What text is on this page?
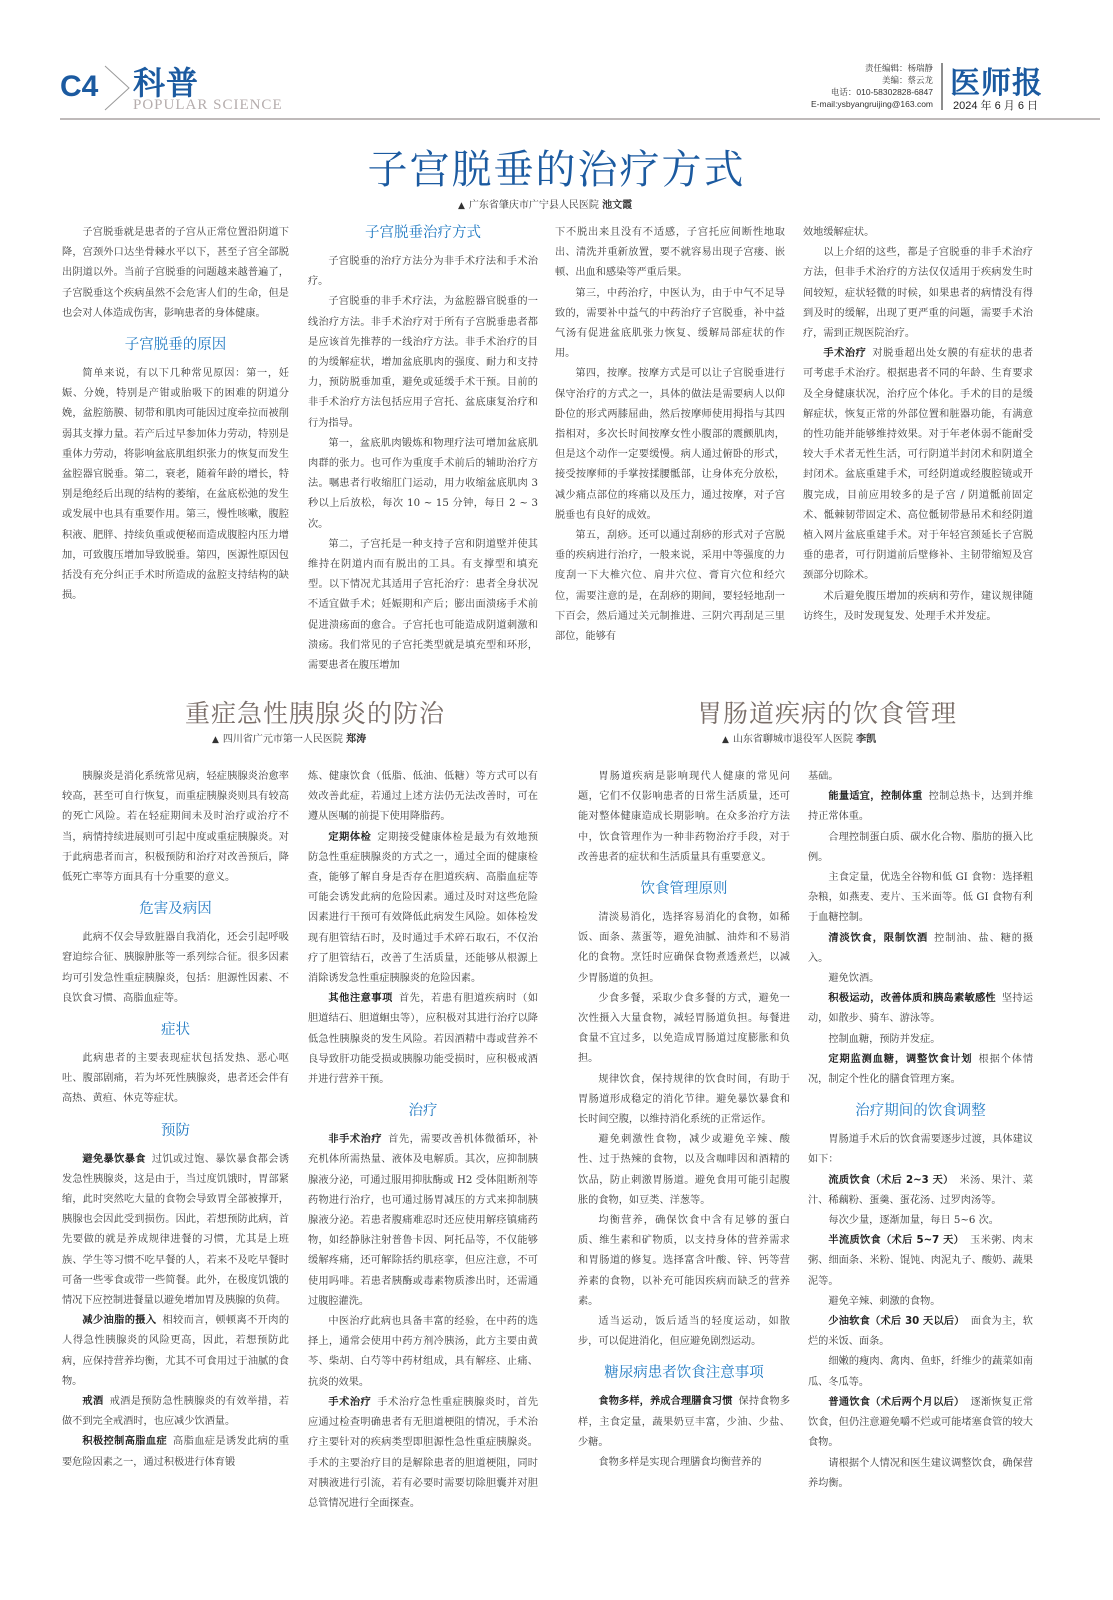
C4 科普
POPULAR SCIENCE
责任编辑：杨瑞静
美编：蔡云龙
电话：010-58302828-6847
E-mail:ysbyangruijing@163.com
医师报
2024 年 6 月 6 日
子宫脱垂的治疗方式
▲ 广东省肇庆市广宁县人民医院 池文霞

子宫脱垂就是患者的子宫从正常位置沿阴道下降，宫颈外口达坐骨棘水平以下，甚至子宫全部脱出阴道以外。当前子宫脱垂的问题越来越普遍了，子宫脱垂这个疾病虽然不会危害人们的生命，但是也会对人体造成伤害，影响患者的身体健康。

子宫脱垂的原因

简单来说，有以下几种常见原因：第一，妊娠、分娩，特别是产钳或胎吸下的困难的阴道分娩，盆腔筋膜、韧带和肌肉可能因过度牵拉而被削弱其支撑力量。若产后过早参加体力劳动，特别是重体力劳动，将影响盆底肌组织张力的恢复而发生盆腔器官脱垂。第二，衰老，随着年龄的增长，特别是绝经后出现的结构的萎缩，在盆底松弛的发生或发展中也具有重要作用。第三，慢性咳嗽，腹腔积液、肥胖、持续负重或便秘而造成腹腔内压力增加，可致腹压增加导致脱垂。第四，医源性原因包括没有充分纠正手术时所造成的盆腔支持结构的缺损。

子宫脱垂治疗方式

子宫脱垂的治疗方法分为非手术疗法和手术治疗。

子宫脱垂的非手术疗法，为盆腔器官脱垂的一线治疗方法。非手术治疗对于所有子宫脱垂患者都是应该首先推荐的一线治疗方法。非手术治疗的目的为缓解症状，增加盆底肌肉的强度、耐力和支持力，预防脱垂加重，避免或延缓手术干预。目前的非手术治疗方法包括应用子宫托、盆底康复治疗和行为指导。

第一，盆底肌肉锻炼和物理疗法可增加盆底肌肉群的张力。也可作为重度手术前后的辅助治疗方法。嘱患者行收缩肛门运动，用力收缩盆底肌肉 3 秒以上后放松，每次 10 ~ 15 分钟，每日 2 ~ 3 次。

第二，子宫托是一种支持子宫和阴道壁并使其维持在阴道内而有脱出的工具。有支撑型和填充型。以下情况尤其适用子宫托治疗：患者全身状况不适宜做手术；妊娠期和产后；膨出面溃疡手术前促进溃疡面的愈合。子宫托也可能造成阴道刺激和溃疡。我们常见的子宫托类型就是填充型和环形，需要患者在腹压增加

下不脱出来且没有不适感，子宫托应间断性地取出、清洗并重新放置，要不就容易出现子宫瘘、嵌顿、出血和感染等严重后果。

第三，中药治疗，中医认为，由于中气不足导致的，需要补中益气的中药治疗子宫脱垂，补中益气汤有促进盆底肌张力恢复、缓解局部症状的作用。

第四，按摩。按摩方式是可以让子宫脱垂进行保守治疗的方式之一，具体的做法是需要病人以仰卧位的形式两膝屈曲，然后按摩师使用拇指与其四指相对，多次长时间按摩女性小腹部的震颤肌肉，但是这个动作一定要缓慢。病人通过俯卧的形式，接受按摩师的手掌按揉腰骶部，让身体充分放松，减少痛点部位的疼痛以及压力，通过按摩，对子宫脱垂也有良好的成效。

第五，刮痧。还可以通过刮痧的形式对子宫脱垂的疾病进行治疗，一般来说，采用中等强度的力度刮一下大椎穴位、肩井穴位、膏肓穴位和经穴位，需要注意的是，在刮痧的期间，要轻轻地刮一下百会，然后通过关元制推进、三阴穴再刮足三里部位，能够有

效地缓解症状。

以上介绍的这些，都是子宫脱垂的非手术治疗方法，但非手术治疗的方法仅仅适用于疾病发生时间较短，症状轻微的时候，如果患者的病情没有得到及时的缓解，出现了更严重的问题，需要手术治疗，需到正规医院治疗。

手术治疗 对脱垂超出处女膜的有症状的患者可考虑手术治疗。根据患者不同的年龄、生育要求及全身健康状况，治疗应个体化。手术的目的是缓解症状，恢复正常的外部位置和脏器功能，有满意的性功能并能够维持效果。对于年老体弱不能耐受较大手术者无性生活，可行阴道半封闭术和阴道全封闭术。盆底重建手术，可经阴道或经腹腔镜或开腹完成，目前应用较多的是子宫 / 阴道骶前固定术、骶棘韧带固定术、高位骶韧带悬吊术和经阴道植入网片盆底重建手术。对于年轻宫颈延长子宫脱垂的患者，可行阴道前后壁修补、主韧带缩短及宫颈部分切除术。

术后避免腹压增加的疾病和劳作，建议规律随访终生，及时发现复发、处理手术并发症。

重症急性胰腺炎的防治
▲ 四川省广元市第一人民医院 郑涛

胰腺炎是消化系统常见病，轻症胰腺炎治愈率较高，甚至可自行恢复，而重症胰腺炎则具有较高的死亡风险。若在轻症期间未及时治疗或治疗不当，病情持续进展则可引起中度或重症胰腺炎。对于此病患者而言，积极预防和治疗对改善预后，降低死亡率等方面具有十分重要的意义。

危害及病因

此病不仅会导致脏器自我消化，还会引起呼吸窘迫综合征、胰腺肿胀等一系列综合征。很多因素均可引发急性重症胰腺炎，包括：胆源性因素、不良饮食习惯、高脂血症等。

症状

此病患者的主要表现症状包括发热、恶心呕吐、腹部剧痛，若为坏死性胰腺炎，患者还会伴有高热、黄疸、休克等症状。

预防

避免暴饮暴食 过饥或过饱、暴饮暴食都会诱发急性胰腺炎，这是由于，当过度饥饿时，胃部紧缩，此时突然吃大量的食物会导致胃全部被撑开，胰腺也会因此受到损伤。因此，若想预防此病，首先要做的就是养成规律进餐的习惯，尤其是上班族、学生等习惯不吃早餐的人，若来不及吃早餐时可备一些零食或带一些简餐。此外，在极度饥饿的情况下应控制进餐量以避免增加胃及胰腺的负荷。

减少油脂的摄入 相较而言，顿顿离不开肉的人得急性胰腺炎的风险更高，因此，若想预防此病，应保持营养均衡，尤其不可食用过于油腻的食物。

戒酒 戒酒是预防急性胰腺炎的有效举措，若做不到完全戒酒时，也应减少饮酒量。

积极控制高脂血症 高脂血症是诱发此病的重要危险因素之一，通过积极进行体育锻

炼、健康饮食（低脂、低油、低糖）等方式可以有效改善此症，若通过上述方法仍无法改善时，可在遵从医嘱的前提下使用降脂药。

定期体检 定期接受健康体检是最为有效地预防急性重症胰腺炎的方式之一，通过全面的健康检查，能够了解自身是否存在胆道疾病、高脂血症等可能会诱发此病的危险因素。通过及时对这些危险因素进行干预可有效降低此病发生风险。如体检发现有胆管结石时，及时通过手术碎石取石，不仅治疗了胆管结石，改善了生活质量，还能够从根源上消除诱发急性重症胰腺炎的危险因素。

其他注意事项 首先，若患有胆道疾病时（如胆道结石、胆道蛔虫等），应积极对其进行治疗以降低急性胰腺炎的发生风险。若因酒精中毒或营养不良导致肝功能受损或胰腺功能受损时，应积极戒酒并进行营养干预。

治疗

非手术治疗 首先，需要改善机体微循环，补充机体所需热量、液体及电解质。其次，应抑制胰腺液分泌，可通过服用抑肽酶或 H2 受体阻断剂等药物进行治疗，也可通过肠胃减压的方式来抑制胰腺液分泌。若患者腹痛难忍时还应使用解痉镇痛药物，如经静脉注射普鲁卡因、阿托品等，不仅能够缓解疼痛，还可解除括约肌痉挛，但应注意，不可使用吗啡。若患者胰酶或毒素物质渗出时，还需通过腹腔灌洗。

中医治疗此病也具备丰富的经验，在中药的选择上，通常会使用中药方剂冷胰汤，此方主要由黄芩、柴胡、白芍等中药材组成，具有解痉、止痛、抗炎的效果。

手术治疗 手术治疗急性重症胰腺炎时，首先应通过检查明确患者有无胆道梗阻的情况，手术治疗主要针对的疾病类型即胆源性急性重症胰腺炎。手术的主要治疗目的是解除患者的胆道梗阻，同时对胰液进行引流，若有必要时需要切除胆囊并对胆总管情况进行全面探查。

胃肠道疾病的饮食管理
▲ 山东省聊城市退役军人医院 李凯

胃肠道疾病是影响现代人健康的常见问题，它们不仅影响患者的日常生活质量，还可能对整体健康造成长期影响。在众多治疗方法中，饮食管理作为一种非药物治疗手段，对于改善患者的症状和生活质量具有重要意义。

饮食管理原则

清淡易消化，选择容易消化的食物，如稀饭、面条、蒸蛋等，避免油腻、油炸和不易消化的食物。烹饪时应确保食物煮透煮烂，以减少胃肠道的负担。

少食多餐，采取少食多餐的方式，避免一次性摄入大量食物，减轻胃肠道负担。每餐进食量不宜过多，以免造成胃肠道过度膨胀和负担。

规律饮食，保持规律的饮食时间，有助于胃肠道形成稳定的消化节律。避免暴饮暴食和长时间空腹，以维持消化系统的正常运作。

避免刺激性食物，减少或避免辛辣、酸性、过于热辣的食物，以及含咖啡因和酒精的饮品，防止刺激胃肠道。避免食用可能引起腹胀的食物，如豆类、洋葱等。

均衡营养，确保饮食中含有足够的蛋白质、维生素和矿物质，以支持身体的营养需求和胃肠道的修复。选择富含叶酸、锌、钙等营养素的食物，以补充可能因疾病而缺乏的营养素。

适当运动，饭后适当的轻度运动，如散步，可以促进消化，但应避免剧烈运动。

糖尿病患者饮食注意事项

食物多样，养成合理膳食习惯 保持食物多样，主食定量，蔬果奶豆丰富，少油、少盐、少糖。

食物多样是实现合理膳食均衡营养的

基础。

能量适宜，控制体重 控制总热卡，达到并维持正常体重。

合理控制蛋白质、碳水化合物、脂肪的摄入比例。

主食定量，优选全谷物和低 GI 食物：选择粗杂粮，如燕麦、麦片、玉米面等。低 GI 食物有利于血糖控制。

清淡饮食，限制饮酒 控制油、盐、糖的摄入。

避免饮酒。

积极运动，改善体质和胰岛素敏感性 坚持运动，如散步、骑车、游泳等。

控制血糖，预防并发症。

定期监测血糖，调整饮食计划 根据个体情况，制定个性化的膳食管理方案。

治疗期间的饮食调整

胃肠道手术后的饮食需要逐步过渡，具体建议如下：

流质饮食（术后 2~3 天） 米汤、果汁、菜汁、稀藕粉、蛋羹、蛋花汤、过罗肉汤等。

每次少量，逐渐加量，每日 5~6 次。

半流质饮食（术后 5~7 天） 玉米粥、肉末粥、细面条、米粉、馄饨、肉泥丸子、酸奶、蔬果泥等。

避免辛辣、刺激的食物。

少油软食（术后 30 天以后） 面食为主，软烂的米饭、面条。

细嫩的瘦肉、禽肉、鱼虾，纤维少的蔬菜如南瓜、冬瓜等。

普通饮食（术后两个月以后） 逐渐恢复正常饮食，但仍注意避免嚼不烂或可能堵塞食管的较大食物。

请根据个人情况和医生建议调整饮食，确保营养均衡。
